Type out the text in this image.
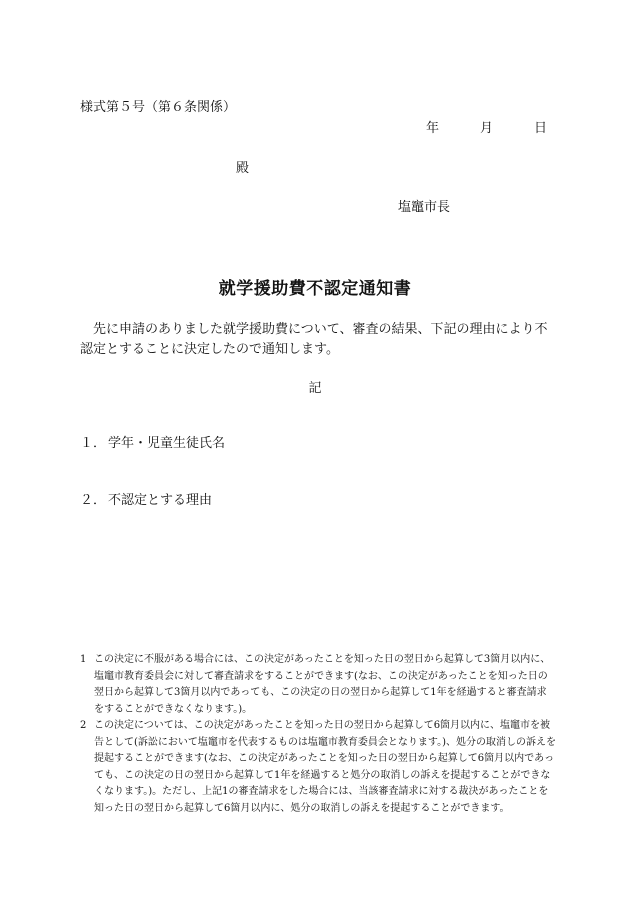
様式第５号（第６条関係）
年	月	日
殿
塩竈市長
就学援助費不認定通知書
先に申請のありました就学援助費について、審査の結果、下記の理由により不認定とすることに決定したので通知します。
記
１． 学年・児童生徒氏名
２． 不認定とする理由
1 この決定に不服がある場合には、この決定があったことを知った日の翌日から起算して3箇月以内に、塩竈市教育委員会に対して審査請求をすることができます(なお、この決定があったことを知った日の翌日から起算して3箇月以内であっても、この決定の日の翌日から起算して1年を経過すると審査請求をすることができなくなります。)。
2 この決定については、この決定があったことを知った日の翌日から起算して6箇月以内に、塩竈市を被告として(訴訟において塩竈市を代表するものは塩竈市教育委員会となります。)、処分の取消しの訴えを提起することができます(なお、この決定があったことを知った日の翌日から起算して6箇月以内であっても、この決定の日の翌日から起算して1年を経過すると処分の取消しの訴えを提起することができなくなります。)。ただし、上記1の審査請求をした場合には、当該審査請求に対する裁決があったことを知った日の翌日から起算して6箇月以内に、処分の取消しの訴えを提起することができます。
